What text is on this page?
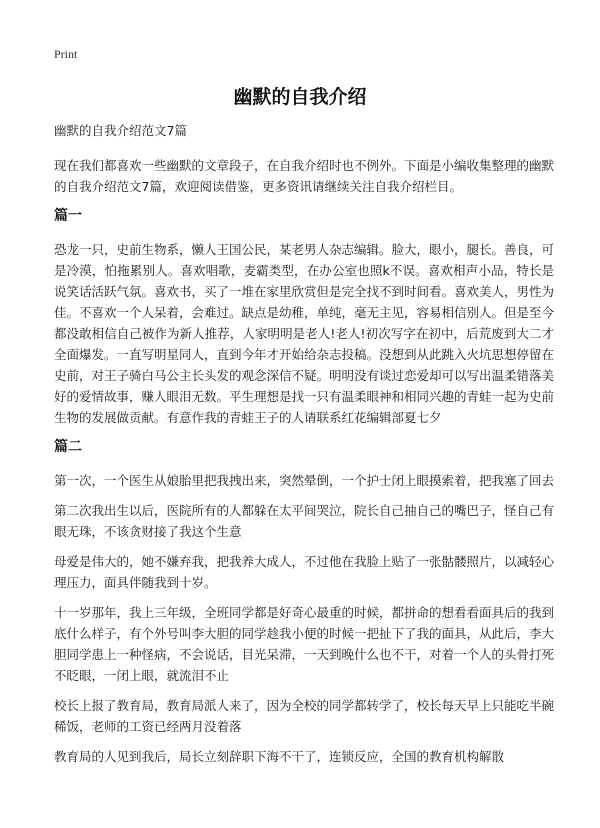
Print
幽默的自我介绍

幽默的自我介绍范文7篇

现在我们都喜欢一些幽默的文章段子，在自我介绍时也不例外。下面是小编收集整理的幽默的自我介绍范文7篇，欢迎阅读借鉴，更多资讯请继续关注自我介绍栏目。

篇一

恐龙一只，史前生物系，懒人王国公民，某老男人杂志编辑。脸大，眼小，腿长。善良，可是冷漠，怕拖累别人。喜欢唱歌，麦霸类型，在办公室也照k不误。喜欢相声小品，特长是说笑话活跃气氛。喜欢书，买了一堆在家里欣赏但是完全找不到时间看。喜欢美人，男性为佳。不喜欢一个人呆着，会难过。缺点是幼稚，单纯，毫无主见，容易相信别人。但是至今都没敢相信自己被作为新人推荐，人家明明是老人!老人!初次写字在初中，后荒废到大二才全面爆发。一直写明星同人，直到今年才开始给杂志投稿。没想到从此跳入火坑思想停留在史前，对王子骑白马公主长头发的观念深信不疑。明明没有谈过恋爱却可以写出温柔错落美好的爱情故事，赚人眼泪无数。平生理想是找一只有温柔眼神和相同兴趣的青蛙一起为史前生物的发展做贡献。有意作我的青蛙王子的人请联系红花编辑部夏七夕

篇二

第一次，一个医生从娘胎里把我拽出来，突然晕倒，一个护士闭上眼摸索着，把我塞了回去

第二次我出生以后，医院所有的人都躲在太平间哭泣，院长自己抽自己的嘴巴子，怪自己有眼无珠，不该贪财接了我这个生意

母爱是伟大的，她不嫌弃我，把我养大成人，不过他在我脸上贴了一张骷髅照片，以减轻心理压力，面具伴随我到十岁。

十一岁那年，我上三年级，全班同学都是好奇心最重的时候，都拼命的想看看面具后的我到底什么样子，有个外号叫李大胆的同学趁我小便的时候一把扯下了我的面具，从此后，李大胆同学患上一种怪病，不会说话，目光呆滞，一天到晚什么也不干，对着一个人的头骨打死不眨眼，一闭上眼，就流泪不止

校长上报了教育局，教育局派人来了，因为全校的同学都转学了，校长每天早上只能吃半碗稀饭，老师的工资已经两月没着落

教育局的人见到我后，局长立刻辞职下海不干了，连锁反应，全国的教育机构解散
